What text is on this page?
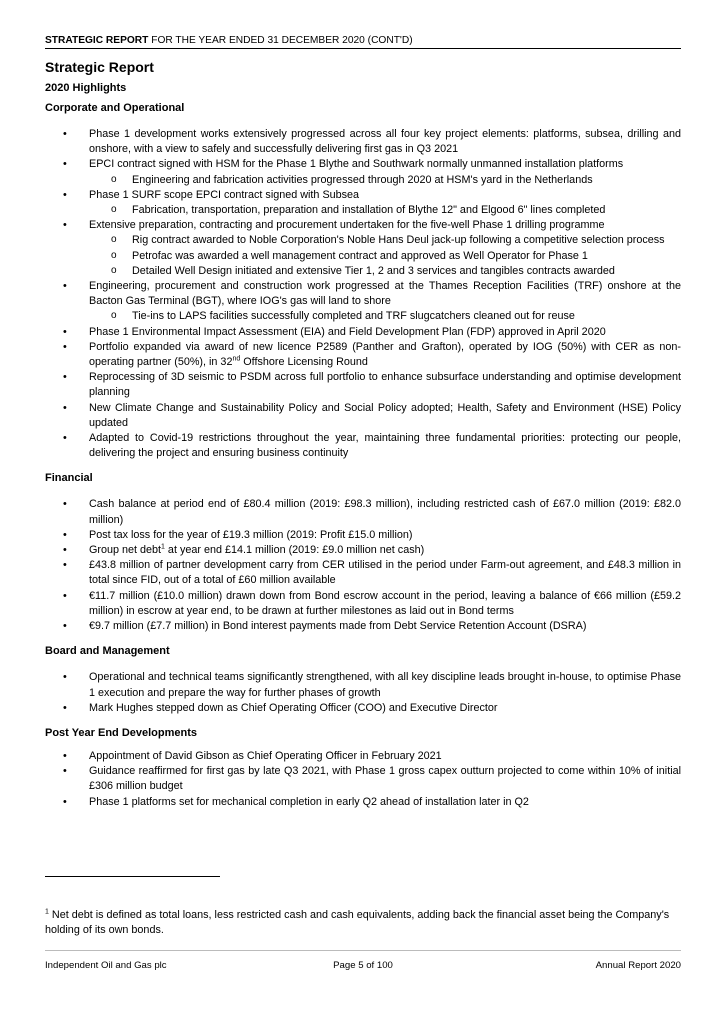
STRATEGIC REPORT FOR THE YEAR ENDED 31 DECEMBER 2020 (CONT'D)
Strategic Report
2020 Highlights
Corporate and Operational
• Phase 1 development works extensively progressed across all four key project elements: platforms, subsea, drilling and onshore, with a view to safely and successfully delivering first gas in Q3 2021
• EPCI contract signed with HSM for the Phase 1 Blythe and Southwark normally unmanned installation platforms
o Engineering and fabrication activities progressed through 2020 at HSM's yard in the Netherlands
• Phase 1 SURF scope EPCI contract signed with Subsea
o Fabrication, transportation, preparation and installation of Blythe 12" and Elgood 6" lines completed
• Extensive preparation, contracting and procurement undertaken for the five-well Phase 1 drilling programme
o Rig contract awarded to Noble Corporation's Noble Hans Deul jack-up following a competitive selection process
o Petrofac was awarded a well management contract and approved as Well Operator for Phase 1
o Detailed Well Design initiated and extensive Tier 1, 2 and 3 services and tangibles contracts awarded
• Engineering, procurement and construction work progressed at the Thames Reception Facilities (TRF) onshore at the Bacton Gas Terminal (BGT), where IOG's gas will land to shore
o Tie-ins to LAPS facilities successfully completed and TRF slugcatchers cleaned out for reuse
• Phase 1 Environmental Impact Assessment (EIA) and Field Development Plan (FDP) approved in April 2020
• Portfolio expanded via award of new licence P2589 (Panther and Grafton), operated by IOG (50%) with CER as non-operating partner (50%), in 32nd Offshore Licensing Round
• Reprocessing of 3D seismic to PSDM across full portfolio to enhance subsurface understanding and optimise development planning
• New Climate Change and Sustainability Policy and Social Policy adopted; Health, Safety and Environment (HSE) Policy updated
• Adapted to Covid-19 restrictions throughout the year, maintaining three fundamental priorities: protecting our people, delivering the project and ensuring business continuity
Financial
• Cash balance at period end of £80.4 million (2019: £98.3 million), including restricted cash of £67.0 million (2019: £82.0 million)
• Post tax loss for the year of £19.3 million (2019: Profit £15.0 million)
• Group net debt$^1$ at year end £14.1 million (2019: £9.0 million net cash)
• £43.8 million of partner development carry from CER utilised in the period under Farm-out agreement, and £48.3 million in total since FID, out of a total of £60 million available
• €11.7 million (£10.0 million) drawn down from Bond escrow account in the period, leaving a balance of €66 million (£59.2 million) in escrow at year end, to be drawn at further milestones as laid out in Bond terms
• €9.7 million (£7.7 million) in Bond interest payments made from Debt Service Retention Account (DSRA)
Board and Management
• Operational and technical teams significantly strengthened, with all key discipline leads brought in-house, to optimise Phase 1 execution and prepare the way for further phases of growth
• Mark Hughes stepped down as Chief Operating Officer (COO) and Executive Director
Post Year End Developments
• Appointment of David Gibson as Chief Operating Officer in February 2021
• Guidance reaffirmed for first gas by late Q3 2021, with Phase 1 gross capex outturn projected to come within 10% of initial £306 million budget
• Phase 1 platforms set for mechanical completion in early Q2 ahead of installation later in Q2
$^1$ Net debt is defined as total loans, less restricted cash and cash equivalents, adding back the financial asset being the Company's holding of its own bonds.
Independent Oil and Gas plc	Page 5 of 100	Annual Report 2020
